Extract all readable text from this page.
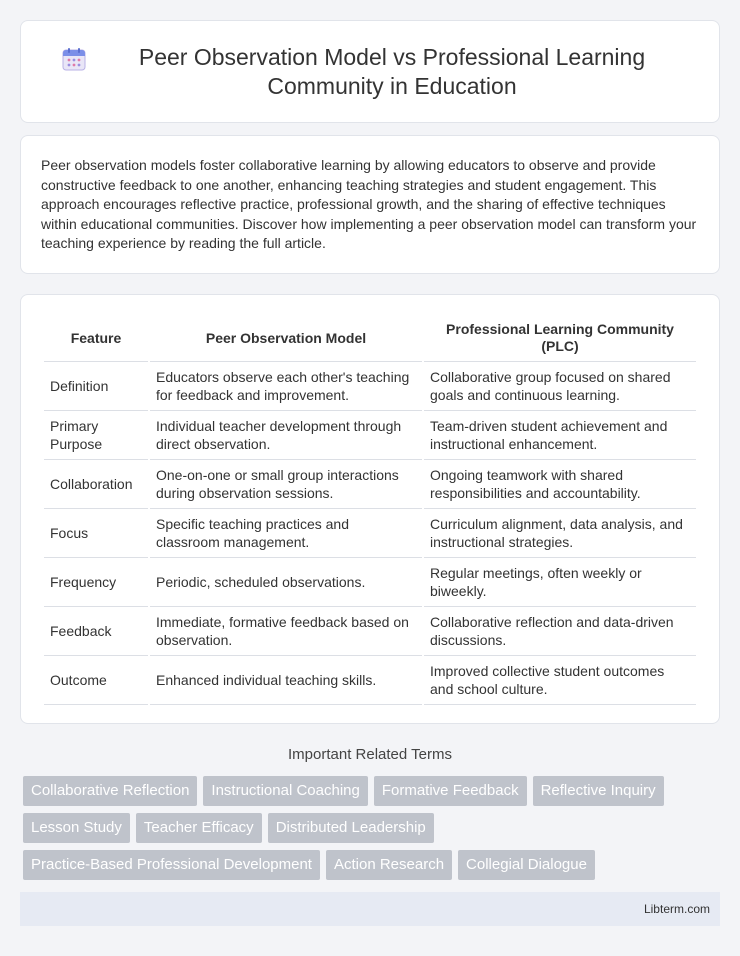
Peer Observation Model vs Professional Learning Community in Education

Peer observation models foster collaborative learning by allowing educators to observe and provide constructive feedback to one another, enhancing teaching strategies and student engagement. This approach encourages reflective practice, professional growth, and the sharing of effective techniques within educational communities. Discover how implementing a peer observation model can transform your teaching experience by reading the full article.

Feature	Peer Observation Model	Professional Learning Community (PLC)
Definition	Educators observe each other's teaching for feedback and improvement.	Collaborative group focused on shared goals and continuous learning.
Primary Purpose	Individual teacher development through direct observation.	Team-driven student achievement and instructional enhancement.
Collaboration	One-on-one or small group interactions during observation sessions.	Ongoing teamwork with shared responsibilities and accountability.
Focus	Specific teaching practices and classroom management.	Curriculum alignment, data analysis, and instructional strategies.
Frequency	Periodic, scheduled observations.	Regular meetings, often weekly or biweekly.
Feedback	Immediate, formative feedback based on observation.	Collaborative reflection and data-driven discussions.
Outcome	Enhanced individual teaching skills.	Improved collective student outcomes and school culture.
Important Related Terms
Collaborative Reflection	Instructional Coaching	Formative Feedback	Reflective Inquiry
Lesson Study	Teacher Efficacy	Distributed Leadership
Practice-Based Professional Development	Action Research	Collegial Dialogue
Libterm.com
